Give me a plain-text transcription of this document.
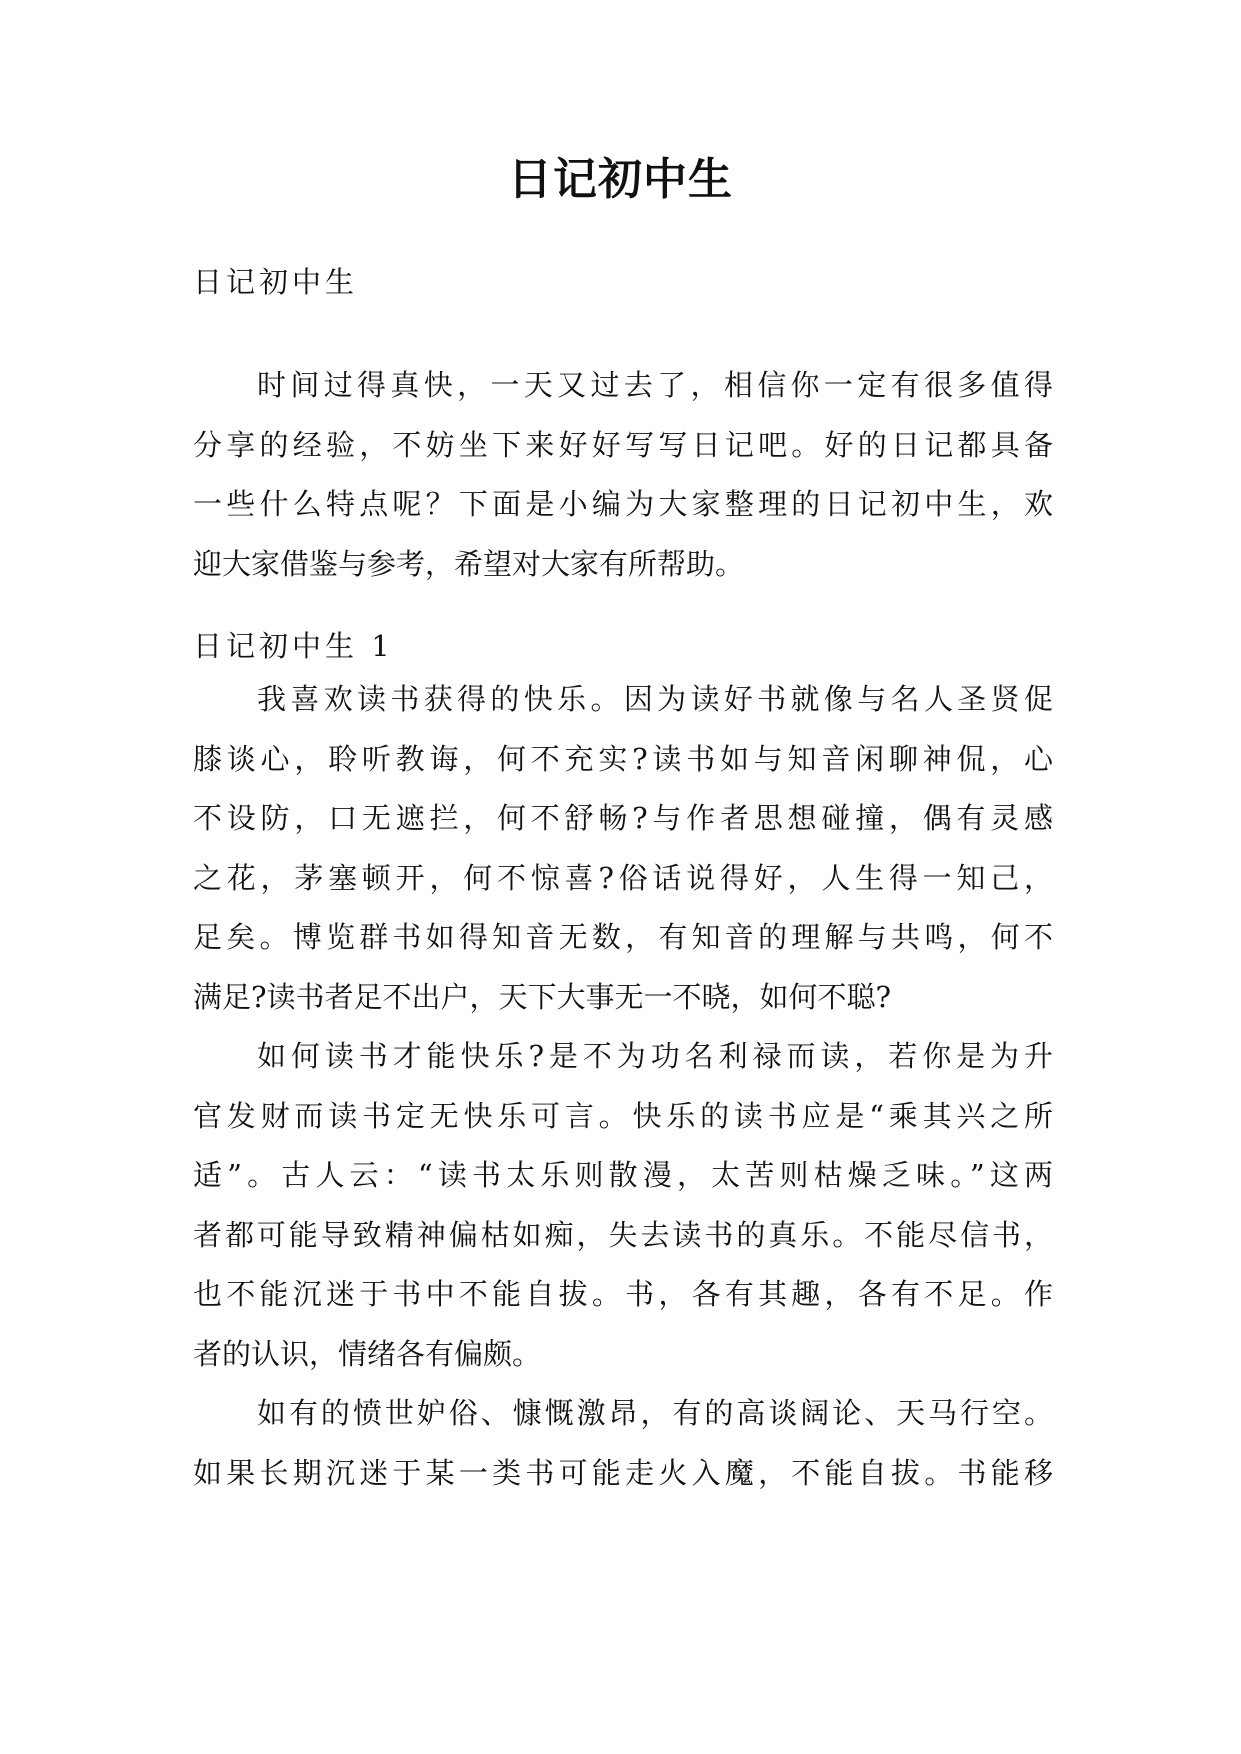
日记初中生

日记初中生

时间过得真快，一天又过去了，相信你一定有很多值得
分享的经验，不妨坐下来好好写写日记吧。好的日记都具备
一些什么特点呢？下面是小编为大家整理的日记初中生，欢
迎大家借鉴与参考，希望对大家有所帮助。

日记初中生 1

我喜欢读书获得的快乐。因为读好书就像与名人圣贤促
膝谈心，聆听教诲，何不充实?读书如与知音闲聊神侃，心
不设防，口无遮拦，何不舒畅?与作者思想碰撞，偶有灵感
之花，茅塞顿开，何不惊喜?俗话说得好，人生得一知己，
足矣。博览群书如得知音无数，有知音的理解与共鸣，何不
满足?读书者足不出户，天下大事无一不晓，如何不聪?
如何读书才能快乐?是不为功名利禄而读，若你是为升
官发财而读书定无快乐可言。快乐的读书应是“乘其兴之所
适”。古人云：“读书太乐则散漫，太苦则枯燥乏味。”这两
者都可能导致精神偏枯如痴，失去读书的真乐。不能尽信书，
也不能沉迷于书中不能自拔。书，各有其趣，各有不足。作
者的认识，情绪各有偏颇。
如有的愤世妒俗、慷慨激昂，有的高谈阔论、天马行空。
如果长期沉迷于某一类书可能走火入魔，不能自拔。书能移
